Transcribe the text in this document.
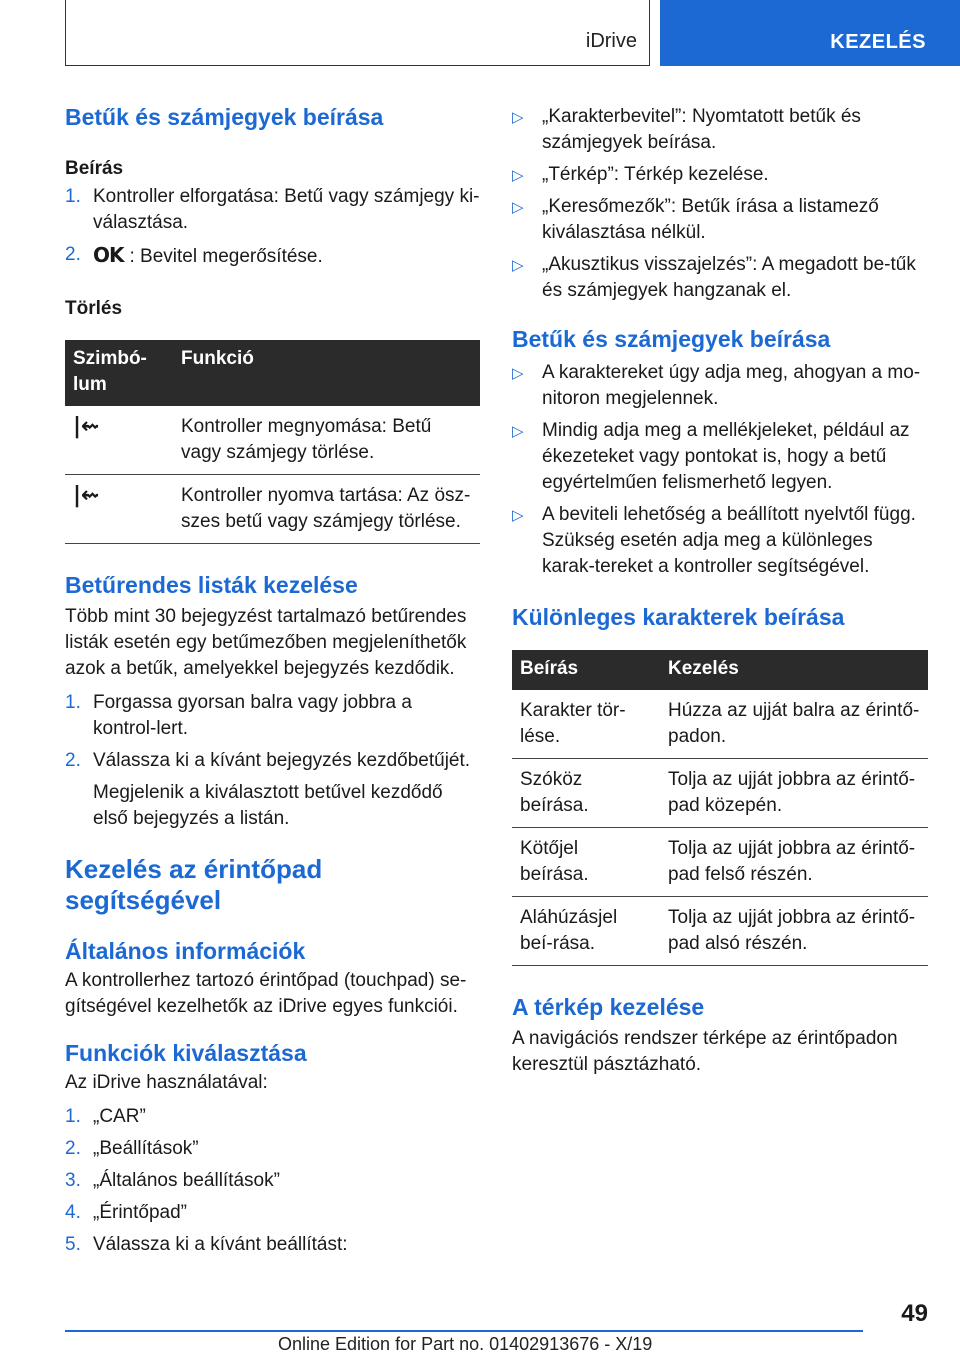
iDrive	KEZELÉS
Betűk és számjegyek beírása
Beírás
1. Kontroller elforgatása: Betű vagy számjegy ki-választása.
2. OK : Bevitel megerősítése.
Törlés
Szimbó-lum	Funkció
|⇜	Kontroller megnyomása: Betű vagy számjegy törlése.
|⇜	Kontroller nyomva tartása: Az ösz-szes betű vagy számjegy törlése.
Betűrendes listák kezelése

Több mint 30 bejegyzést tartalmazó betűrendes listák esetén egy betűmezőben megjeleníthetők azok a betűk, amelyekkel bejegyzés kezdődik.

1. Forgassa gyorsan balra vagy jobbra a kontrol-lert.
2. Válassza ki a kívánt bejegyzés kezdőbetűjét.
Megjelenik a kiválasztott betűvel kezdődő első bejegyzés a listán.
Kezelés az érintőpad
segítségével
Általános információk

A kontrollerhez tartozó érintőpad (touchpad) se-gítségével kezelhetők az iDrive egyes funkciói.

Funkciók kiválasztása

Az iDrive használatával:

1. „CAR”
2. „Beállítások”
3. „Általános beállítások”
4. „Érintőpad”
5. Válassza ki a kívánt beállítást:
▷ „Karakterbevitel”: Nyomtatott betűk és számjegyek beírása.
▷ „Térkép”: Térkép kezelése.
▷ „Keresőmezők”: Betűk írása a listamező kiválasztása nélkül.
▷ „Akusztikus visszajelzés”: A megadott be-tűk és számjegyek hangzanak el.
Betűk és számjegyek beírása
▷ A karaktereket úgy adja meg, ahogyan a mo-nitoron megjelennek.
▷ Mindig adja meg a mellékjeleket, például az ékezeteket vagy pontokat is, hogy a betű egyértelműen felismerhető legyen.
▷ A beviteli lehetőség a beállított nyelvtől függ. Szükség esetén adja meg a különleges karak-tereket a kontroller segítségével.
Különleges karakterek beírása
Beírás	Kezelés
Karakter tör-lése.	Húzza az ujját balra az érintő-padon.
Szóköz beírása.	Tolja az ujját jobbra az érintő-pad közepén.
Kötőjel beírása.	Tolja az ujját jobbra az érintő-pad felső részén.
Aláhúzásjel beí-rása.	Tolja az ujját jobbra az érintő-pad alsó részén.
A térkép kezelése

A navigációs rendszer térképe az érintőpadon keresztül pásztázható.

49
Online Edition for Part no. 01402913676 - X/19
